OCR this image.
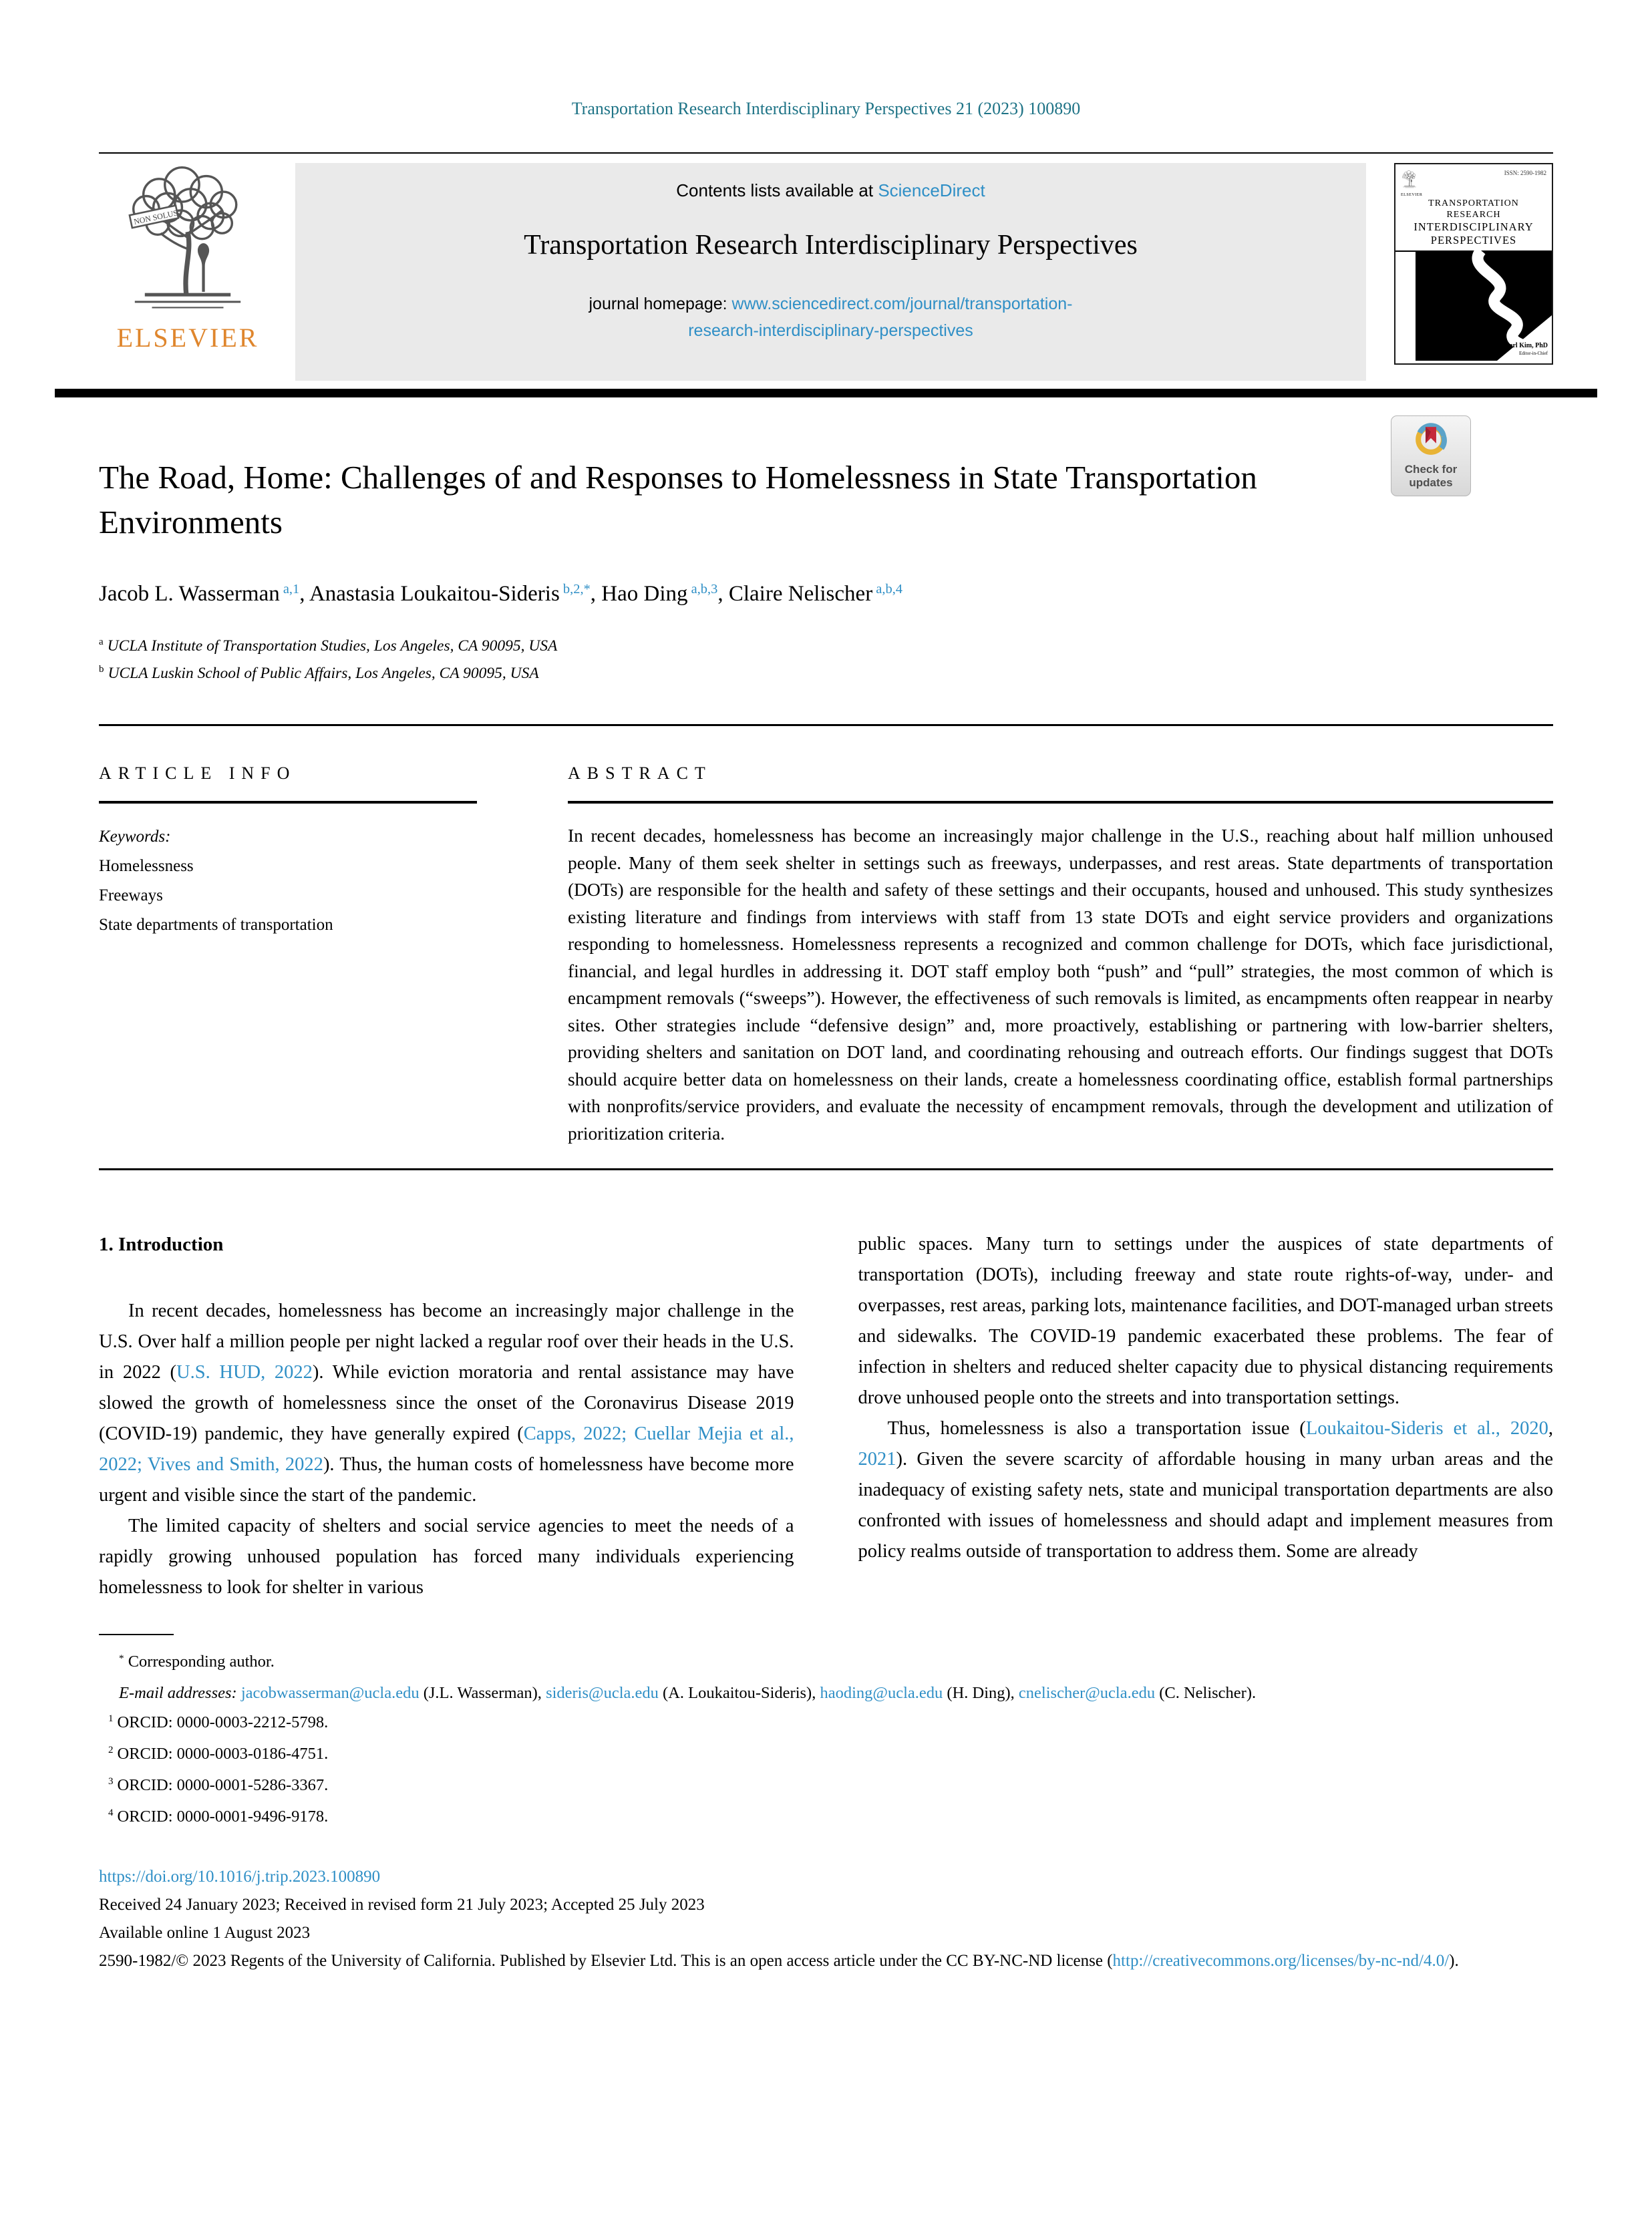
Transportation Research Interdisciplinary Perspectives 21 (2023) 100890
ELSEVIER
Contents lists available at ScienceDirect
Transportation Research Interdisciplinary Perspectives
journal homepage: www.sciencedirect.com/journal/transportation-
research-interdisciplinary-perspectives
ELSEVIER
ISSN: 2590-1982
TRANSPORTATION
RESEARCH
INTERDISCIPLINARY
PERSPECTIVES
Karl Kim, PhD
Editor-in-Chief
The Road, Home: Challenges of and Responses to Homelessness in State Transportation Environments
Check for
updates
Jacob L. Wasserman $^{a,1}$, Anastasia Loukaitou-Sideris $^{b,2,*}$, Hao Ding $^{a,b,3}$, Claire Nelischer $^{a,b,4}$
$^a$ UCLA Institute of Transportation Studies, Los Angeles, CA 90095, USA
$^b$ UCLA Luskin School of Public Affairs, Los Angeles, CA 90095, USA
ARTICLE INFO
Keywords:
Homelessness
Freeways
State departments of transportation
ABSTRACT
In recent decades, homelessness has become an increasingly major challenge in the U.S., reaching about half million unhoused people. Many of them seek shelter in settings such as freeways, underpasses, and rest areas. State departments of transportation (DOTs) are responsible for the health and safety of these settings and their occupants, housed and unhoused. This study synthesizes existing literature and findings from interviews with staff from 13 state DOTs and eight service providers and organizations responding to homelessness. Homelessness represents a recognized and common challenge for DOTs, which face jurisdictional, financial, and legal hurdles in addressing it. DOT staff employ both “push” and “pull” strategies, the most common of which is encampment removals (“sweeps”). However, the effectiveness of such removals is limited, as encampments often reappear in nearby sites. Other strategies include “defensive design” and, more proactively, establishing or partnering with low-barrier shelters, providing shelters and sanitation on DOT land, and coordinating rehousing and outreach efforts. Our findings suggest that DOTs should acquire better data on homelessness on their lands, create a homelessness coordinating office, establish formal partnerships with nonprofits/service providers, and evaluate the necessity of encampment removals, through the development and utilization of prioritization criteria.
1. Introduction

In recent decades, homelessness has become an increasingly major challenge in the U.S. Over half a million people per night lacked a regular roof over their heads in the U.S. in 2022 (U.S. HUD, 2022). While eviction moratoria and rental assistance may have slowed the growth of homelessness since the onset of the Coronavirus Disease 2019 (COVID-19) pandemic, they have generally expired (Capps, 2022; Cuellar Mejia et al., 2022; Vives and Smith, 2022). Thus, the human costs of homelessness have become more urgent and visible since the start of the pandemic.

The limited capacity of shelters and social service agencies to meet the needs of a rapidly growing unhoused population has forced many individuals experiencing homelessness to look for shelter in various

public spaces. Many turn to settings under the auspices of state departments of transportation (DOTs), including freeway and state route rights-of-way, under- and overpasses, rest areas, parking lots, maintenance facilities, and DOT-managed urban streets and sidewalks. The COVID-19 pandemic exacerbated these problems. The fear of infection in shelters and reduced shelter capacity due to physical distancing requirements drove unhoused people onto the streets and into transportation settings.

Thus, homelessness is also a transportation issue (Loukaitou-Sideris et al., 2020, 2021). Given the severe scarcity of affordable housing in many urban areas and the inadequacy of existing safety nets, state and municipal transportation departments are also confronted with issues of homelessness and should adapt and implement measures from policy realms outside of transportation to address them. Some are already

* Corresponding author.

E-mail addresses: jacobwasserman@ucla.edu (J.L. Wasserman), sideris@ucla.edu (A. Loukaitou-Sideris), haoding@ucla.edu (H. Ding), cnelischer@ucla.edu (C. Nelischer).

$^1$ ORCID: 0000-0003-2212-5798.
$^2$ ORCID: 0000-0003-0186-4751.
$^3$ ORCID: 0000-0001-5286-3367.
$^4$ ORCID: 0000-0001-9496-9178.
https://doi.org/10.1016/j.trip.2023.100890
Received 24 January 2023; Received in revised form 21 July 2023; Accepted 25 July 2023
Available online 1 August 2023

2590-1982/© 2023 Regents of the University of California. Published by Elsevier Ltd. This is an open access article under the CC BY-NC-ND license (http://creativecommons.org/licenses/by-nc-nd/4.0/).
